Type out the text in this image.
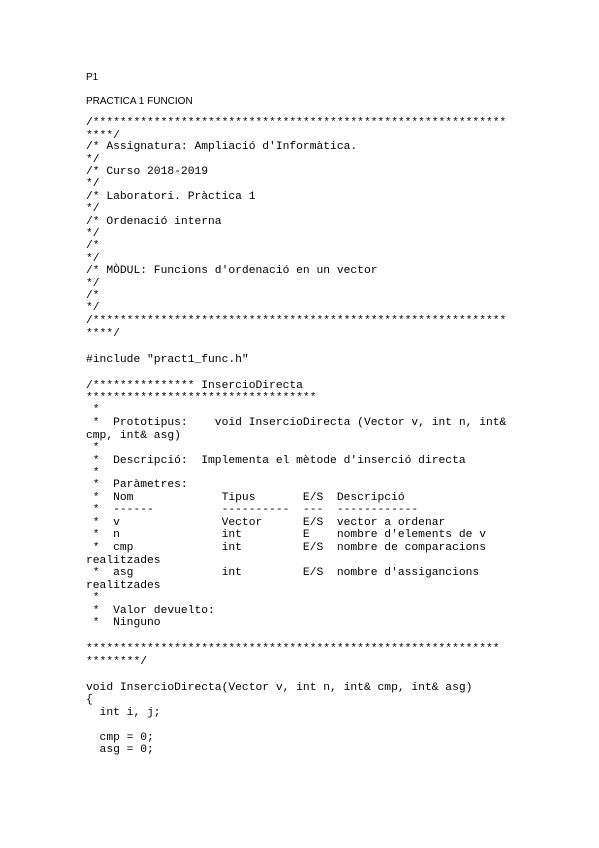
P1
PRACTICA 1 FUNCION
/*************************************************************
****/
/* Assignatura: Ampliació d'Informàtica.
*/
/* Curso 2018-2019
*/
/* Laboratori. Pràctica 1
*/
/* Ordenació interna
*/
/*
*/
/* MÒDUL: Funcions d'ordenació en un vector
*/
/*
*/
/*************************************************************
****/
#include "pract1_func.h"
/*************** InsercioDirecta
**********************************
*
*  Prototipus:    void InsercioDirecta (Vector v, int n, int&
cmp, int& asg)
*
*  Descripció:  Implementa el mètode d'inserció directa
*
*  Paràmetres:
*  Nom             Tipus       E/S  Descripció
*  ------          ----------  ---  ------------
*  v               Vector      E/S  vector a ordenar
*  n               int         E    nombre d'elements de v
*  cmp             int         E/S  nombre de comparacions
realitzades
*  asg             int         E/S  nombre d'assigancions
realitzades
*
*  Valor devuelto:
*  Ninguno
*************************************************************
********/
void InsercioDirecta(Vector v, int n, int& cmp, int& asg)
{
int i, j;
cmp = 0;
asg = 0;
